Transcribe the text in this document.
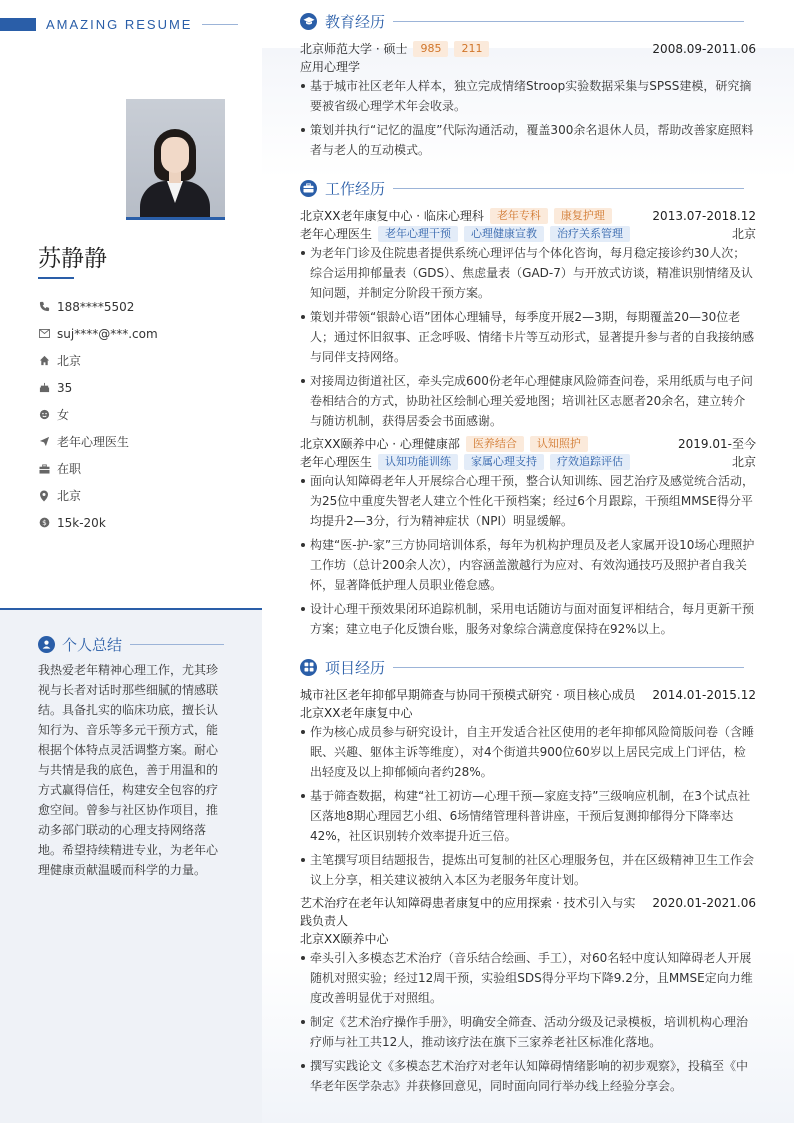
AMAZING RESUME
苏静静
188****5502
suj****@***.com
北京
35
女
老年心理医生
在职
北京
$ 15k-20k
个人总结
我热爱老年精神心理工作，尤其珍视与长者对话时那些细腻的情感联结。具备扎实的临床功底，擅长认知行为、音乐等多元干预方式，能根据个体特点灵活调整方案。耐心与共情是我的底色，善于用温和的方式赢得信任，构建安全包容的疗愈空间。曾参与社区协作项目，推动多部门联动的心理支持网络落地。希望持续精进专业，为老年心理健康贡献温暖而科学的力量。
教育经历
北京师范大学 · 硕士	985	211	2008.09-2011.06
应用心理学
基于城市社区老年人样本，独立完成情绪Stroop实验数据采集与SPSS建模，研究摘要被省级心理学术年会收录。
策划并执行“记忆的温度”代际沟通活动，覆盖300余名退休人员，帮助改善家庭照料者与老人的互动模式。
工作经历
北京XX老年康复中心 · 临床心理科	老年专科	康复护理	2013.07-2018.12
老年心理医生	老年心理干预	心理健康宣教	治疗关系管理	北京
为老年门诊及住院患者提供系统心理评估与个体化咨询，每月稳定接诊约30人次；综合运用抑郁量表（GDS）、焦虑量表（GAD-7）与开放式访谈，精准识别情绪及认知问题，并制定分阶段干预方案。
策划并带领“银龄心语”团体心理辅导，每季度开展2—3期，每期覆盖20—30位老人；通过怀旧叙事、正念呼吸、情绪卡片等互动形式，显著提升参与者的自我接纳感与同伴支持网络。
对接周边街道社区，牵头完成600份老年心理健康风险筛查问卷，采用纸质与电子问卷相结合的方式，协助社区绘制心理关爱地图；培训社区志愿者20余名，建立转介与随访机制，获得居委会书面感谢。
北京XX颐养中心 · 心理健康部	医养结合	认知照护	2019.01-至今
老年心理医生	认知功能训练	家属心理支持	疗效追踪评估	北京
面向认知障碍老年人开展综合心理干预，整合认知训练、园艺治疗及感觉统合活动，为25位中重度失智老人建立个性化干预档案；经过6个月跟踪，干预组MMSE得分平均提升2—3分，行为精神症状（NPI）明显缓解。
构建“医-护-家”三方协同培训体系，每年为机构护理员及老人家属开设10场心理照护工作坊（总计200余人次），内容涵盖激越行为应对、有效沟通技巧及照护者自我关怀，显著降低护理人员职业倦怠感。
设计心理干预效果闭环追踪机制，采用电话随访与面对面复评相结合，每月更新干预方案；建立电子化反馈台账，服务对象综合满意度保持在92%以上。
项目经历
城市社区老年抑郁早期筛查与协同干预模式研究 · 项目核心成员 2014.01-2015.12
北京XX老年康复中心
作为核心成员参与研究设计，自主开发适合社区使用的老年抑郁风险简版问卷（含睡眠、兴趣、躯体主诉等维度），对4个街道共900位60岁以上居民完成上门评估，检出轻度及以上抑郁倾向者约28%。
基于筛查数据，构建“社工初访—心理干预—家庭支持”三级响应机制，在3个试点社区落地8期心理园艺小组、6场情绪管理科普讲座，干预后复测抑郁得分下降率达42%，社区识别转介效率提升近三倍。
主笔撰写项目结题报告，提炼出可复制的社区心理服务包，并在区级精神卫生工作会议上分享，相关建议被纳入本区为老服务年度计划。
艺术治疗在老年认知障碍患者康复中的应用探索 · 技术引入与实践负责人
2020.01-2021.06
北京XX颐养中心
牵头引入多模态艺术治疗（音乐结合绘画、手工），对60名轻中度认知障碍老人开展随机对照实验；经过12周干预，实验组SDS得分平均下降9.2分，且MMSE定向力维度改善明显优于对照组。
制定《艺术治疗操作手册》，明确安全筛查、活动分级及记录模板，培训机构心理治疗师与社工共12人，推动该疗法在旗下三家养老社区标准化落地。
撰写实践论文《多模态艺术治疗对老年认知障碍情绪影响的初步观察》，投稿至《中华老年医学杂志》并获修回意见，同时面向同行举办线上经验分享会。
